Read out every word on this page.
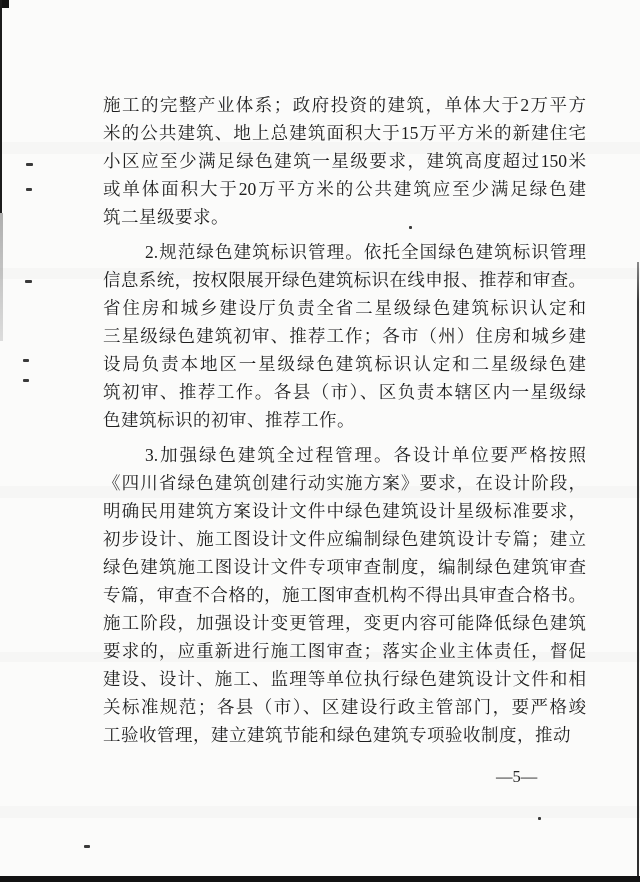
施工的完整产业体系；政府投资的建筑，单体大于2万平方
米的公共建筑、地上总建筑面积大于15万平方米的新建住宅
小区应至少满足绿色建筑一星级要求，建筑高度超过150米
或单体面积大于20万平方米的公共建筑应至少满足绿色建
筑二星级要求。
2.规范绿色建筑标识管理。依托全国绿色建筑标识管理
信息系统，按权限展开绿色建筑标识在线申报、推荐和审查。
省住房和城乡建设厅负责全省二星级绿色建筑标识认定和
三星级绿色建筑初审、推荐工作；各市（州）住房和城乡建
设局负责本地区一星级绿色建筑标识认定和二星级绿色建
筑初审、推荐工作。各县（市）、区负责本辖区内一星级绿
色建筑标识的初审、推荐工作。
3.加强绿色建筑全过程管理。各设计单位要严格按照
《四川省绿色建筑创建行动实施方案》要求，在设计阶段，
明确民用建筑方案设计文件中绿色建筑设计星级标准要求，
初步设计、施工图设计文件应编制绿色建筑设计专篇；建立
绿色建筑施工图设计文件专项审查制度，编制绿色建筑审查
专篇，审查不合格的，施工图审查机构不得出具审查合格书。
施工阶段，加强设计变更管理，变更内容可能降低绿色建筑
要求的，应重新进行施工图审查；落实企业主体责任，督促
建设、设计、施工、监理等单位执行绿色建筑设计文件和相
关标准规范；各县（市）、区建设行政主管部门，要严格竣
工验收管理，建立建筑节能和绿色建筑专项验收制度，推动
—5—
